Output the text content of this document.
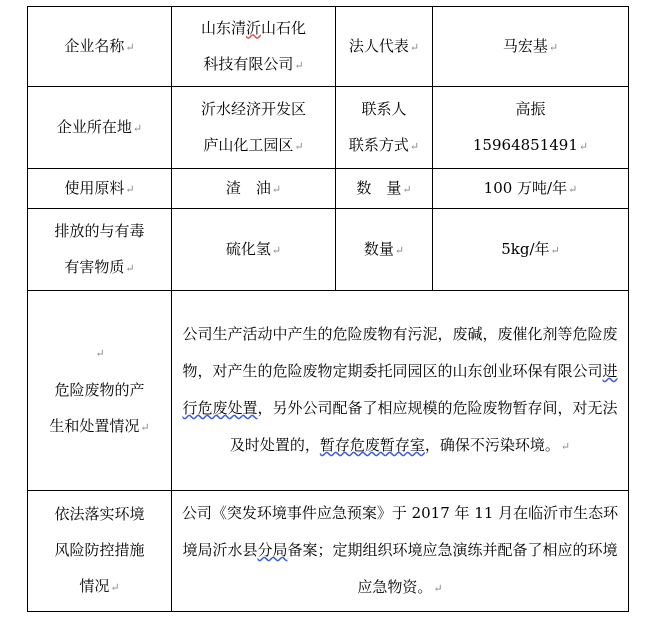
企业名称↵	山东清沂山石化
科技有限公司↵	法人代表↵	马宏基↵
企业所在地↵	沂水经济开发区
庐山化工园区↵	联系人
联系方式↵	高振
15964851491↵

使用原料↵	渣　油↵	数　量↵	100 万吨/年↵

排放的与有毒
有害物质↵	硫化氢↵	数量↵	5kg/年↵

↵
危险废物的产
生和处置情况↵	公司生产活动中产生的危险废物有污泥，废碱，废催化剂等危险废物，对产生的危险废物定期委托同园区的山东创业环保有限公司进行危废处置，另外公司配备了相应规模的危险废物暂存间，对无法及时处置的，暂存危废暂存室，确保不污染环境。↵		

依法落实环境
风险防控措施
情况↵	公司《突发环境事件应急预案》于 2017 年 11 月在临沂市生态环境局沂水县分局备案；定期组织环境应急演练并配备了相应的环境应急物资。↵		
